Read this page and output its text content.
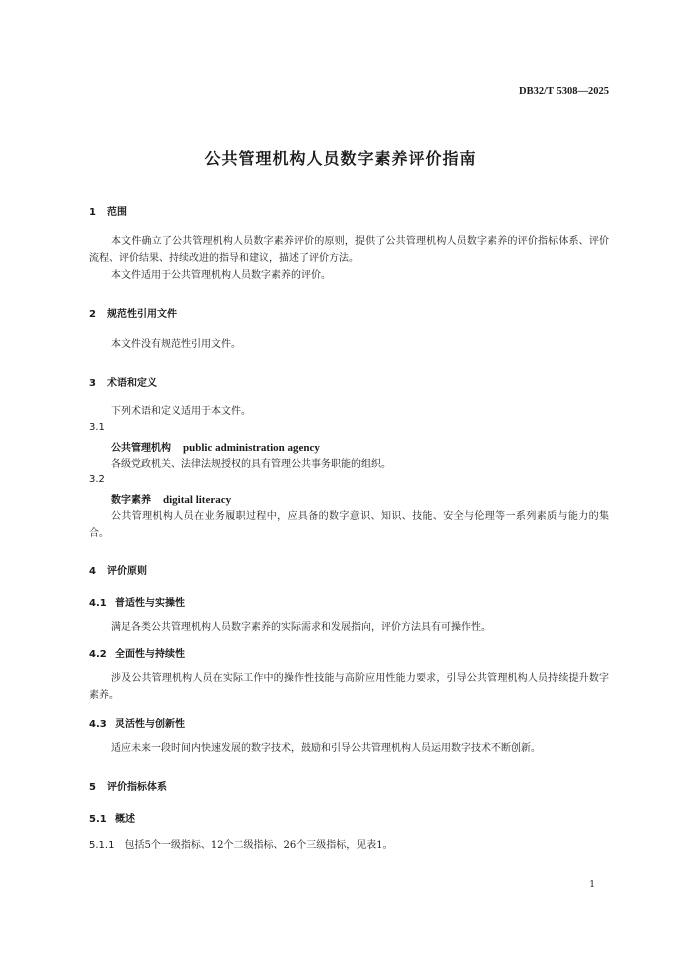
DB32/T 5308—2025
公共管理机构人员数字素养评价指南
1 范围
本文件确立了公共管理机构人员数字素养评价的原则，提供了公共管理机构人员数字素养的评价指标体系、评价流程、评价结果、持续改进的指导和建议，描述了评价方法。
本文件适用于公共管理机构人员数字素养的评价。
2 规范性引用文件
本文件没有规范性引用文件。
3 术语和定义
下列术语和定义适用于本文件。
3.1
公共管理机构 public administration agency
各级党政机关、法律法规授权的具有管理公共事务职能的组织。
3.2
数字素养 digital literacy
公共管理机构人员在业务履职过程中，应具备的数字意识、知识、技能、安全与伦理等一系列素质与能力的集合。
4 评价原则
4.1 普适性与实操性
满足各类公共管理机构人员数字素养的实际需求和发展指向，评价方法具有可操作性。
4.2 全面性与持续性
涉及公共管理机构人员在实际工作中的操作性技能与高阶应用性能力要求，引导公共管理机构人员持续提升数字素养。
4.3 灵活性与创新性
适应未来一段时间内快速发展的数字技术，鼓励和引导公共管理机构人员运用数字技术不断创新。
5 评价指标体系
5.1 概述
5.1.1 包括5个一级指标、12个二级指标、26个三级指标，见表1。
1
